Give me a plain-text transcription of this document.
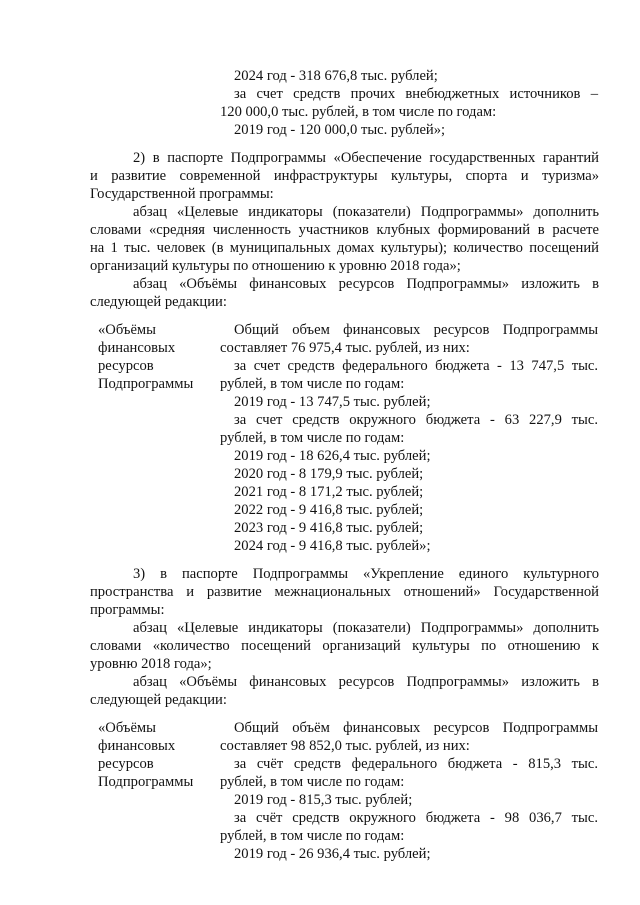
2024 год - 318 676,8 тыс. рублей;
за счет средств прочих внебюджетных источников –
120 000,0 тыс. рублей, в том числе по годам:
2019 год - 120 000,0 тыс. рублей»;
2) в паспорте Подпрограммы «Обеспечение государственных гарантий
и развитие современной инфраструктуры культуры, спорта и туризма»
Государственной программы:
абзац «Целевые индикаторы (показатели) Подпрограммы» дополнить
словами «средняя численность участников клубных формирований в расчете
на 1 тыс. человек (в муниципальных домах культуры); количество посещений
организаций культуры по отношению к уровню 2018 года»;
абзац «Объёмы финансовых ресурсов Подпрограммы» изложить в
следующей редакции:
«Объёмы
финансовых
ресурсов
Подпрограммы
Общий объем финансовых ресурсов Подпрограммы
составляет 76 975,4 тыс. рублей, из них:
за счет средств федерального бюджета - 13 747,5 тыс.
рублей, в том числе по годам:
2019 год - 13 747,5 тыс. рублей;
за счет средств окружного бюджета - 63 227,9 тыс.
рублей, в том числе по годам:
2019 год - 18 626,4 тыс. рублей;
2020 год - 8 179,9 тыс. рублей;
2021 год - 8 171,2 тыс. рублей;
2022 год - 9 416,8 тыс. рублей;
2023 год - 9 416,8 тыс. рублей;
2024 год - 9 416,8 тыс. рублей»;
3) в паспорте Подпрограммы «Укрепление единого культурного
пространства и развитие межнациональных отношений» Государственной
программы:
абзац «Целевые индикаторы (показатели) Подпрограммы» дополнить
словами «количество посещений организаций культуры по отношению к
уровню 2018 года»;
абзац «Объёмы финансовых ресурсов Подпрограммы» изложить в
следующей редакции:
«Объёмы
финансовых
ресурсов
Подпрограммы
Общий объём финансовых ресурсов Подпрограммы
составляет 98 852,0 тыс. рублей, из них:
за счёт средств федерального бюджета - 815,3 тыс.
рублей, в том числе по годам:
2019 год - 815,3 тыс. рублей;
за счёт средств окружного бюджета - 98 036,7 тыс.
рублей, в том числе по годам:
2019 год - 26 936,4 тыс. рублей;
